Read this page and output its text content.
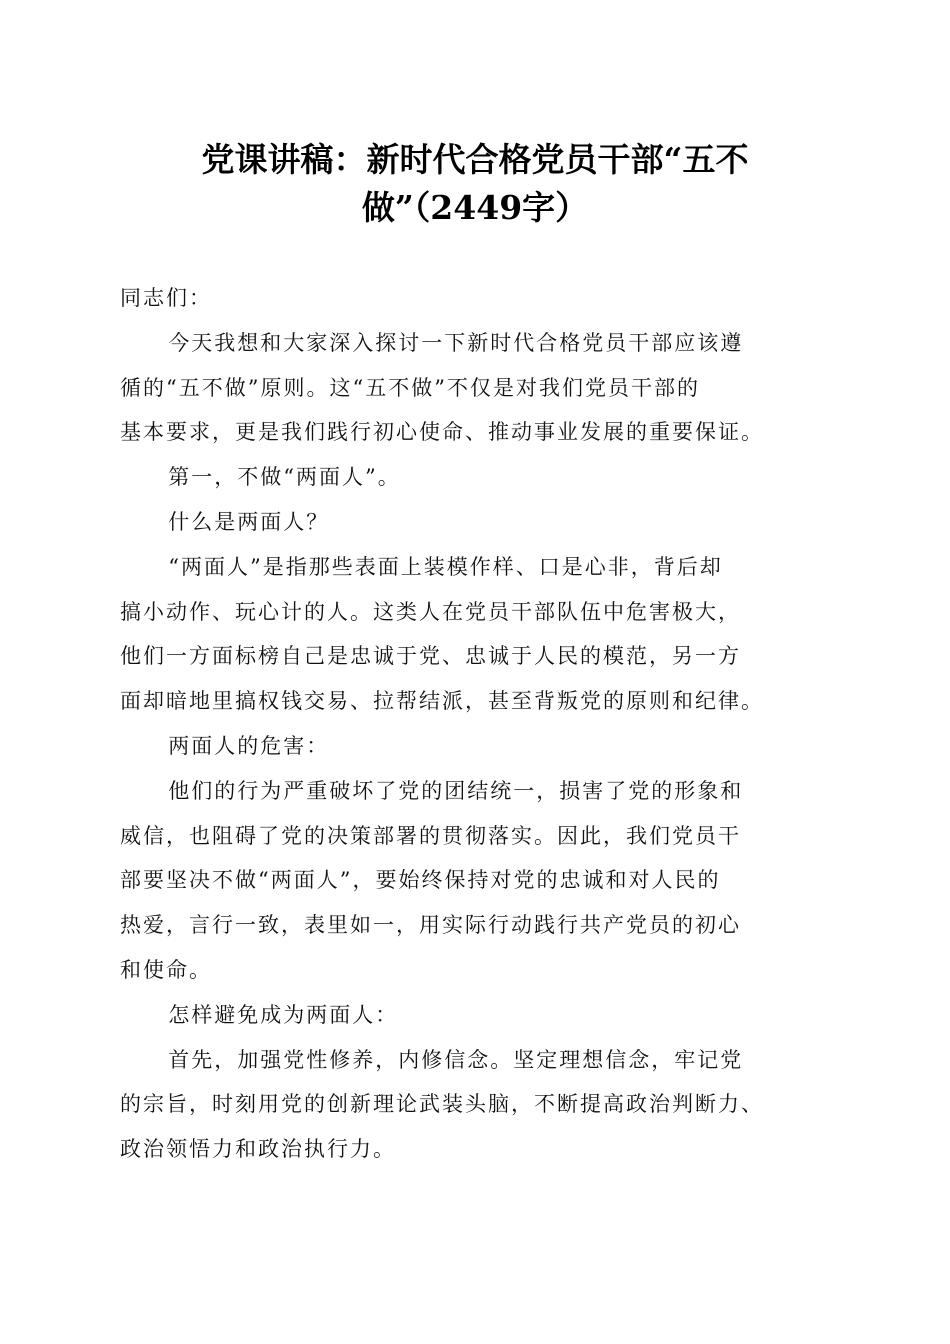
党课讲稿：新时代合格党员干部“五不
做”（2449字）

同志们：

今天我想和大家深入探讨一下新时代合格党员干部应该遵
循的“五不做”原则。这“五不做”不仅是对我们党员干部的
基本要求，更是我们践行初心使命、推动事业发展的重要保证。

第一，不做“两面人”。

什么是两面人？

“两面人”是指那些表面上装模作样、口是心非，背后却
搞小动作、玩心计的人。这类人在党员干部队伍中危害极大，
他们一方面标榜自己是忠诚于党、忠诚于人民的模范，另一方
面却暗地里搞权钱交易、拉帮结派，甚至背叛党的原则和纪律。

两面人的危害：

他们的行为严重破坏了党的团结统一，损害了党的形象和
威信，也阻碍了党的决策部署的贯彻落实。因此，我们党员干
部要坚决不做“两面人”，要始终保持对党的忠诚和对人民的
热爱，言行一致，表里如一，用实际行动践行共产党员的初心
和使命。

怎样避免成为两面人：

首先，加强党性修养，内修信念。坚定理想信念，牢记党
的宗旨，时刻用党的创新理论武装头脑，不断提高政治判断力、
政治领悟力和政治执行力。
